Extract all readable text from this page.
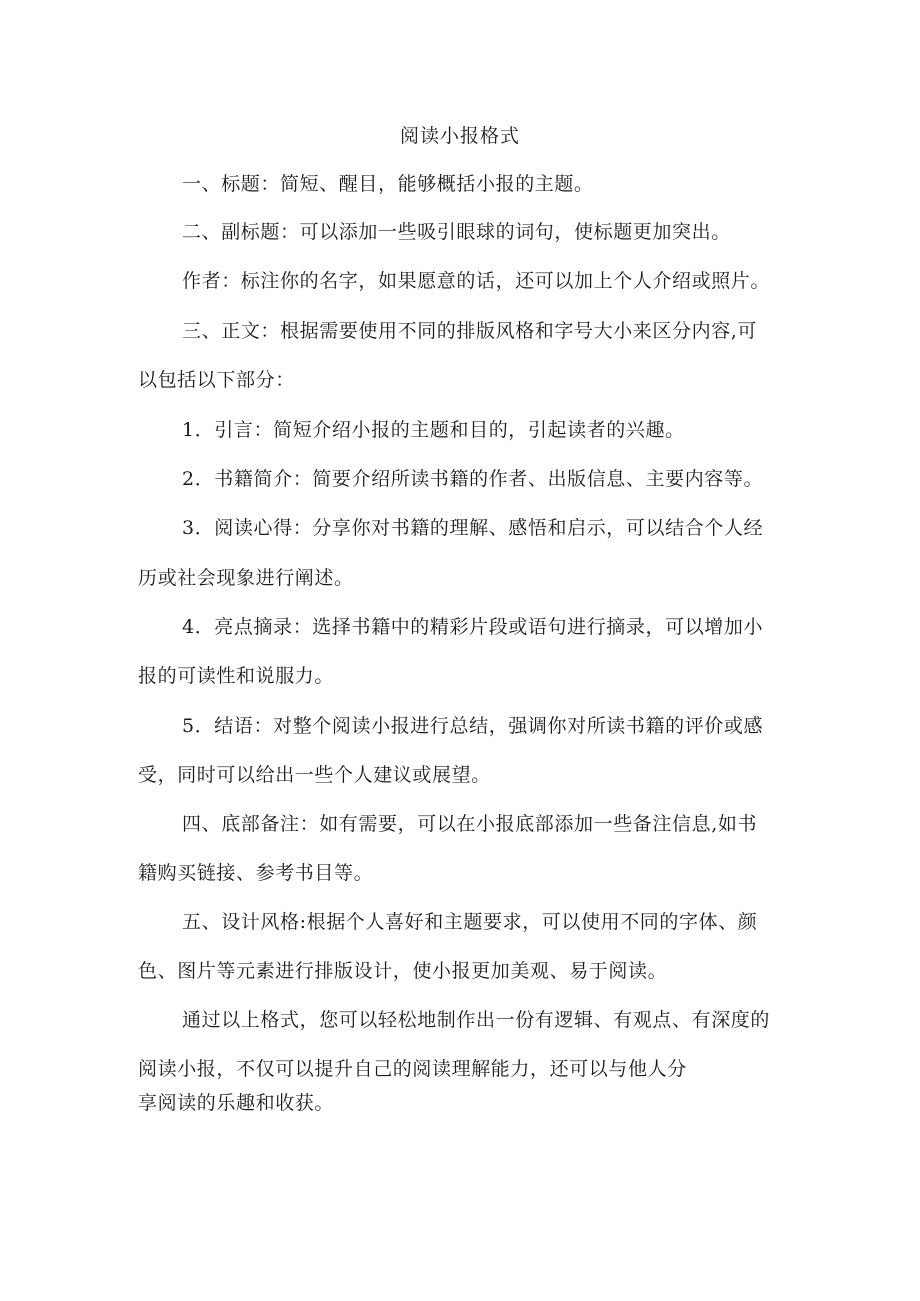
阅读小报格式
一、标题：简短、醒目，能够概括小报的主题。
二、副标题：可以添加一些吸引眼球的词句，使标题更加突出。
作者：标注你的名字，如果愿意的话，还可以加上个人介绍或照片。
三、正文：根据需要使用不同的排版风格和字号大小来区分内容,可
以包括以下部分：
1．引言：简短介绍小报的主题和目的，引起读者的兴趣。
2．书籍简介：简要介绍所读书籍的作者、出版信息、主要内容等。
3．阅读心得：分享你对书籍的理解、感悟和启示，可以结合个人经
历或社会现象进行阐述。
4．亮点摘录：选择书籍中的精彩片段或语句进行摘录，可以增加小
报的可读性和说服力。
5．结语：对整个阅读小报进行总结，强调你对所读书籍的评价或感
受，同时可以给出一些个人建议或展望。
四、底部备注：如有需要，可以在小报底部添加一些备注信息,如书
籍购买链接、参考书目等。
五、设计风格:根据个人喜好和主题要求，可以使用不同的字体、颜
色、图片等元素进行排版设计，使小报更加美观、易于阅读。
通过以上格式，您可以轻松地制作出一份有逻辑、有观点、有深度的
阅读小报，不仅可以提升自己的阅读理解能力，还可以与他人分
享阅读的乐趣和收获。
